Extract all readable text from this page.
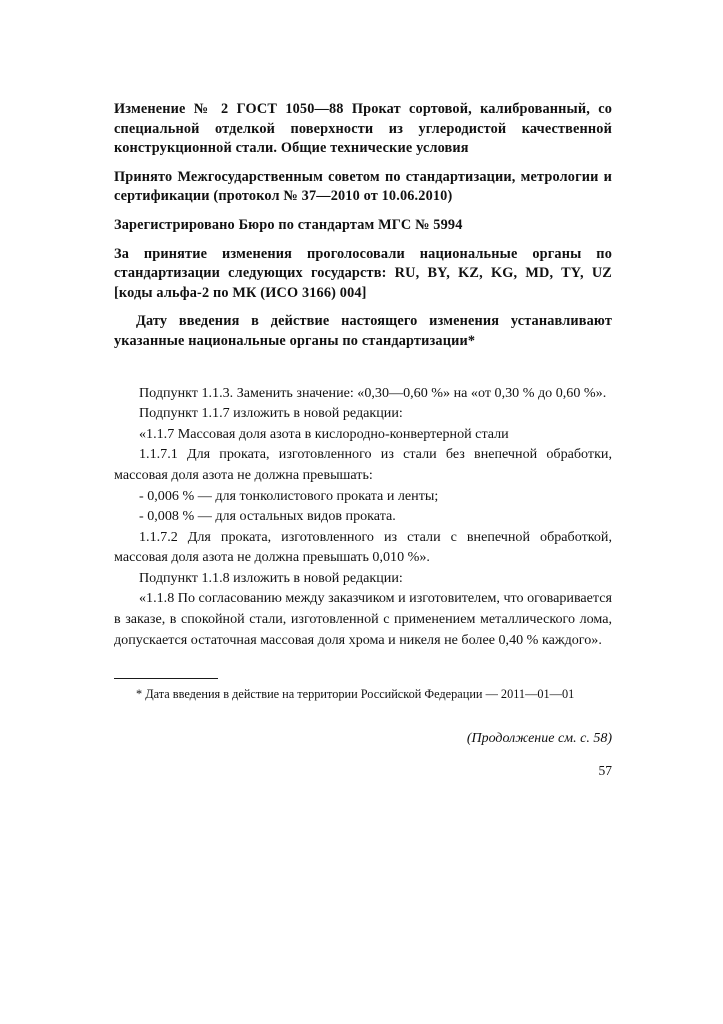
Изменение № 2 ГОСТ 1050—88 Прокат сортовой, калиброванный, со специальной отделкой поверхности из углеродистой качественной конструкционной стали. Общие технические условия

Принято Межгосударственным советом по стандартизации, метрологии и сертификации (протокол № 37—2010 от 10.06.2010)

Зарегистрировано Бюро по стандартам МГС № 5994

За принятие изменения проголосовали национальные органы по стандартизации следующих государств: RU, BY, KZ, KG, MD, TY, UZ [коды альфа-2 по МК (ИСО 3166) 004]

Дату введения в действие настоящего изменения устанавливают указанные национальные органы по стандартизации*

Подпункт 1.1.3. Заменить значение: «0,30—0,60 %» на «от 0,30 % до 0,60 %».

Подпункт 1.1.7 изложить в новой редакции:

«1.1.7 Массовая доля азота в кислородно-конвертерной стали

1.1.7.1 Для проката, изготовленного из стали без внепечной обработки, массовая доля азота не должна превышать:

- 0,006 % — для тонколистового проката и ленты;

- 0,008 % — для остальных видов проката.

1.1.7.2 Для проката, изготовленного из стали с внепечной обработкой, массовая доля азота не должна превышать 0,010 %».

Подпункт 1.1.8 изложить в новой редакции:

«1.1.8 По согласованию между заказчиком и изготовителем, что оговаривается в заказе, в спокойной стали, изготовленной с применением металлического лома, допускается остаточная массовая доля хрома и никеля не более 0,40 % каждого».

* Дата введения в действие на территории Российской Федерации — 2011—01—01

(Продолжение см. с. 58)
57
